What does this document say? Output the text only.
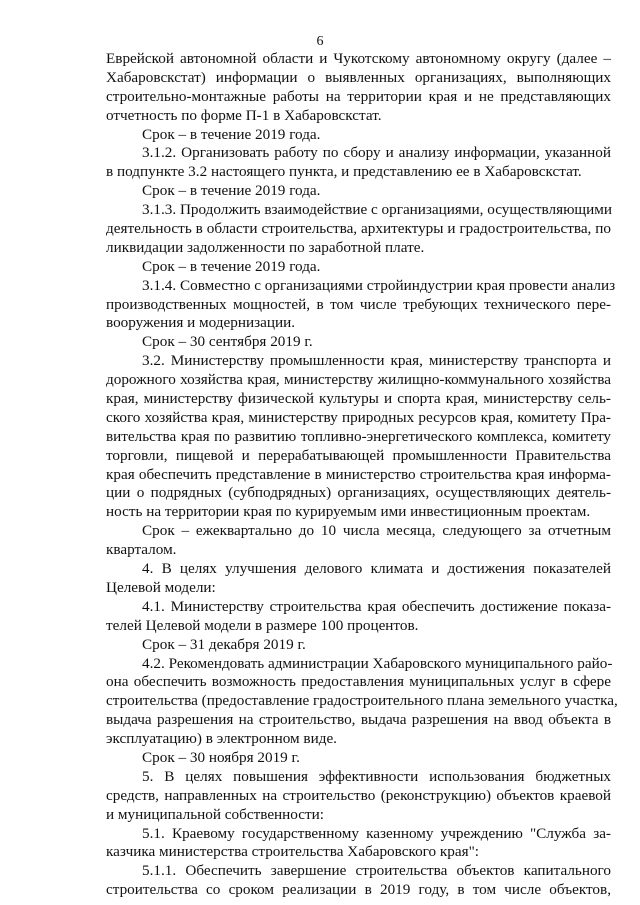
6
Еврейской автономной области и Чукотскому автономному округу (далее –
Хабаровскстат) информации о выявленных организациях, выполняющих
строительно-монтажные работы на территории края и не представляющих
отчетность по форме П-1 в Хабаровскстат.
Срок – в течение 2019 года.
3.1.2. Организовать работу по сбору и анализу информации, указанной
в подпункте 3.2 настоящего пункта, и представлению ее в Хабаровскстат.
Срок – в течение 2019 года.
3.1.3. Продолжить взаимодействие с организациями, осуществляющими
деятельность в области строительства, архитектуры и градостроительства, по
ликвидации задолженности по заработной плате.
Срок – в течение 2019 года.
3.1.4. Совместно с организациями стройиндустрии края провести анализ
производственных мощностей, в том числе требующих технического пере-
вооружения и модернизации.
Срок – 30 сентября 2019 г.
3.2. Министерству промышленности края, министерству транспорта и
дорожного хозяйства края, министерству жилищно-коммунального хозяйства
края, министерству физической культуры и спорта края, министерству сель-
ского хозяйства края, министерству природных ресурсов края, комитету Пра-
вительства края по развитию топливно-энергетического комплекса, комитету
торговли, пищевой и перерабатывающей промышленности Правительства
края обеспечить представление в министерство строительства края информа-
ции о подрядных (субподрядных) организациях, осуществляющих деятель-
ность на территории края по курируемым ими инвестиционным проектам.
Срок – ежеквартально до 10 числа месяца, следующего за отчетным
кварталом.
4. В целях улучшения делового климата и достижения показателей
Целевой модели:
4.1. Министерству строительства края обеспечить достижение показа-
телей Целевой модели в размере 100 процентов.
Срок – 31 декабря 2019 г.
4.2. Рекомендовать администрации Хабаровского муниципального райо-
она обеспечить возможность предоставления муниципальных услуг в сфере
строительства (предоставление градостроительного плана земельного участка,
выдача разрешения на строительство, выдача разрешения на ввод объекта в
эксплуатацию) в электронном виде.
Срок – 30 ноября 2019 г.
5. В целях повышения эффективности использования бюджетных
средств, направленных на строительство (реконструкцию) объектов краевой
и муниципальной собственности:
5.1. Краевому государственному казенному учреждению "Служба за-
казчика министерства строительства Хабаровского края":
5.1.1. Обеспечить завершение строительства объектов капитального
строительства со сроком реализации в 2019 году, в том числе объектов,
